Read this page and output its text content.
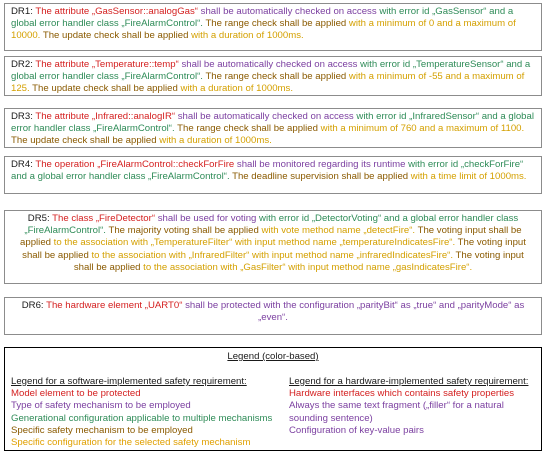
DR1: The attribute „GasSensor::analogGas“ shall be automatically checked on access with error id „GasSensor“ and a global error handler class „FireAlarmControl“. The range check shall be applied with a minimum of 0 and a maximum of 10000. The update check shall be applied with a duration of 1000ms.
DR2: The attribute „Temperature::temp“ shall be automatically checked on access with error id „TemperatureSensor“ and a global error handler class „FireAlarmControl“. The range check shall be applied with a minimum of -55 and a maximum of 125. The update check shall be applied with a duration of 1000ms.
DR3: The attribute „Infrared::analogIR“ shall be automatically checked on access with error id „InfraredSensor“ and a global error handler class „FireAlarmControl“. The range check shall be applied with a minimum of 760 and a maximum of 1100. The update check shall be applied with a duration of 1000ms.
DR4: The operation „FireAlarmControl::checkForFire shall be monitored regarding its runtime with error id „checkForFire“ and a global error handler class „FireAlarmControl“. The deadline supervision shall be applied with a time limit of 1000ms.
DR5: The class „FireDetector“ shall be used for voting with error id „DetectorVoting“ and a global error handler class „FireAlarmControl“. The majority voting shall be applied with vote method name „detectFire“. The voting input shall be applied to the association with „TemperatureFilter“ with input method name „temperatureIndicatesFire“. The voting input shall be applied to the association with „InfraredFilter“ with input method name „infraredIndicatesFire“. The voting input shall be applied to the association with „GasFilter“ with input method name „gasIndicatesFire“.
DR6: The hardware element „UART0“ shall be protected with the configuration „parityBit“ as „true“ and „parityMode“ as „even“.
Legend (color-based)
Legend for a software-implemented safety requirement:
Model element to be protected
Type of safety mechanism to be employed
Generational configuration applicable to multiple mechanisms
Specific safety mechanism to be employed
Specific configuration for the selected safety mechanism
Legend for a hardware-implemented safety requirement:
Hardware interfaces which contains safety properties
Always the same text fragment („filler“ for a natural sounding sentence)
Configuration of key-value pairs
